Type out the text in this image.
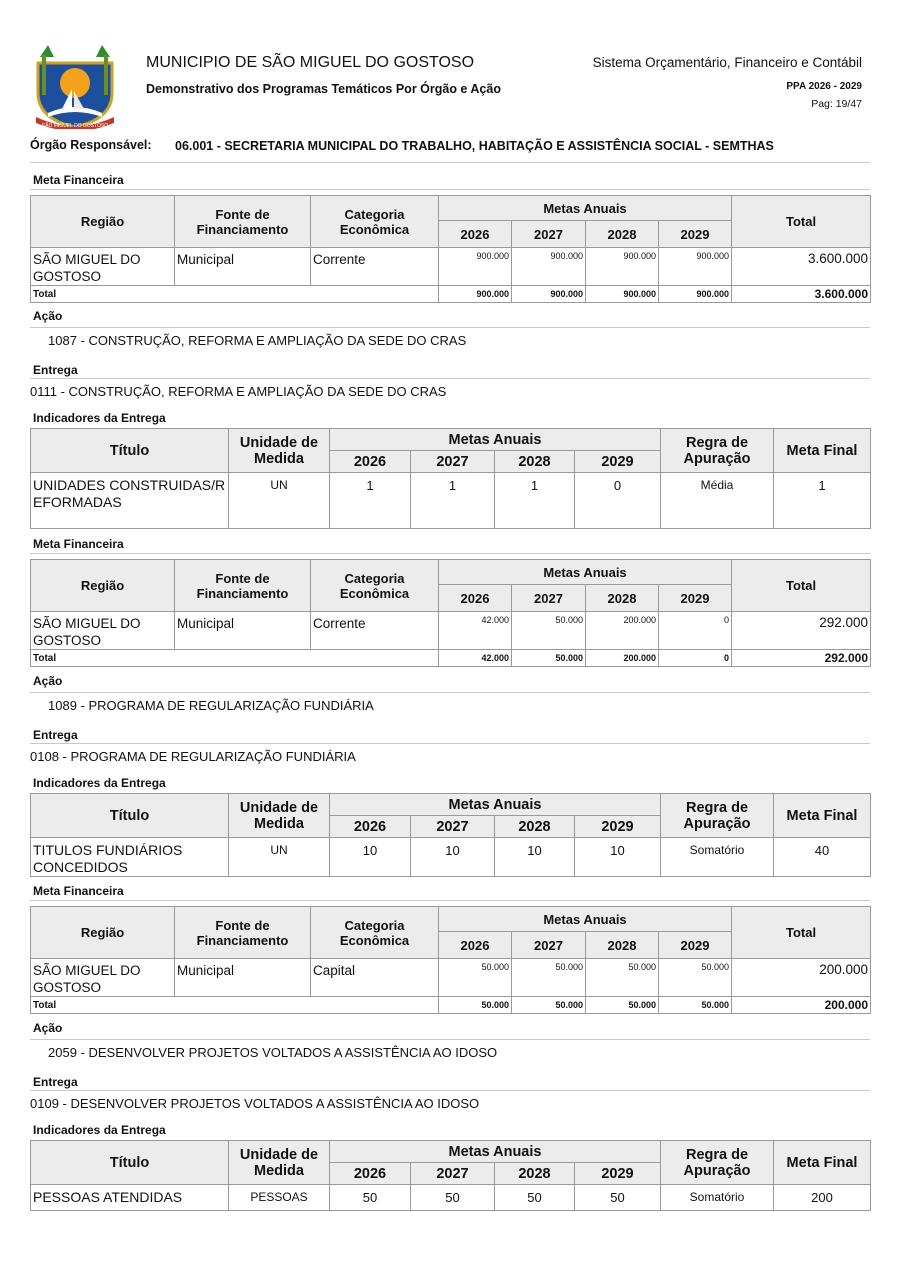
SÃO MIGUEL DO GOSTOSO
MUNICIPIO DE SÃO MIGUEL DO GOSTOSO
Demonstrativo dos Programas Temáticos Por Órgão e Ação
Sistema Orçamentário, Financeiro e Contábil
PPA 2026 - 2029
Pag: 19/47
Órgão Responsável: 06.001 - SECRETARIA MUNICIPAL DO TRABALHO, HABITAÇÃO E ASSISTÊNCIA SOCIAL - SEMTHAS
Meta Financeira
Região	Fonte de Financiamento	Categoria Econômica	Metas Anuais				Total
			2026	2027	2028	2029	
SÃO MIGUEL DO GOSTOSO	Municipal	Corrente	900.000	900.000	900.000	900.000	3.600.000
Total			900.000	900.000	900.000	900.000	3.600.000
Ação
1087 - CONSTRUÇÃO, REFORMA E AMPLIAÇÃO DA SEDE DO CRAS
Entrega
0111 - CONSTRUÇÃO, REFORMA E AMPLIAÇÃO DA SEDE DO CRAS
Indicadores da Entrega
Título	Unidade de Medida	Metas Anuais				Regra de Apuração	Meta Final
		2026	2027	2028	2029		
UNIDADES CONSTRUIDAS/REFORMADAS	UN	1	1	1	0	Média	1
Meta Financeira
Região	Fonte de Financiamento	Categoria Econômica	Metas Anuais				Total
			2026	2027	2028	2029	
SÃO MIGUEL DO GOSTOSO	Municipal	Corrente	42.000	50.000	200.000	0	292.000
Total			42.000	50.000	200.000	0	292.000
Ação
1089 - PROGRAMA DE REGULARIZAÇÃO FUNDIÁRIA
Entrega
0108 - PROGRAMA DE REGULARIZAÇÃO FUNDIÁRIA
Indicadores da Entrega
Título	Unidade de Medida	Metas Anuais				Regra de Apuração	Meta Final
		2026	2027	2028	2029		
TITULOS FUNDIÁRIOS CONCEDIDOS	UN	10	10	10	10	Somatório	40
Meta Financeira
Região	Fonte de Financiamento	Categoria Econômica	Metas Anuais				Total
			2026	2027	2028	2029	
SÃO MIGUEL DO GOSTOSO	Municipal	Capital	50.000	50.000	50.000	50.000	200.000
Total			50.000	50.000	50.000	50.000	200.000
Ação
2059 - DESENVOLVER PROJETOS VOLTADOS A ASSISTÊNCIA AO IDOSO
Entrega
0109 - DESENVOLVER PROJETOS VOLTADOS A ASSISTÊNCIA AO IDOSO
Indicadores da Entrega
Título	Unidade de Medida	Metas Anuais				Regra de Apuração	Meta Final
		2026	2027	2028	2029		
PESSOAS ATENDIDAS	PESSOAS	50	50	50	50	Somatório	200
